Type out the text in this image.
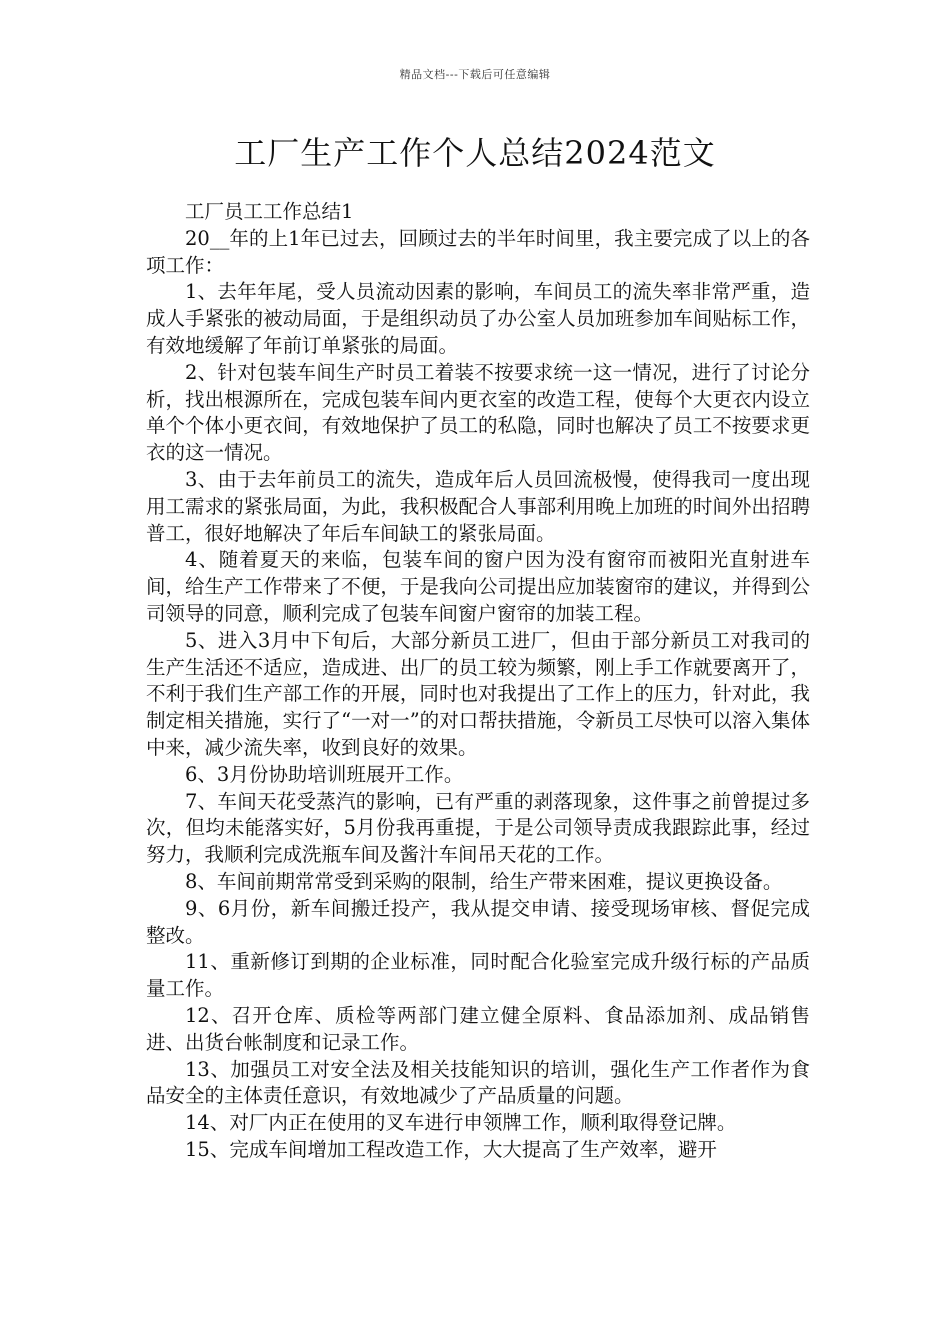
精品文档---下载后可任意编辑
工厂生产工作个人总结2024范文

工厂员工工作总结1

20__年的上1年已过去，回顾过去的半年时间里，我主要完成了以上的各项工作：

1、去年年尾，受人员流动因素的影响，车间员工的流失率非常严重，造成人手紧张的被动局面，于是组织动员了办公室人员加班参加车间贴标工作，有效地缓解了年前订单紧张的局面。

2、针对包装车间生产时员工着装不按要求统一这一情况，进行了讨论分析，找出根源所在，完成包装车间内更衣室的改造工程，使每个大更衣内设立单个个体小更衣间，有效地保护了员工的私隐，同时也解决了员工不按要求更衣的这一情况。

3、由于去年前员工的流失，造成年后人员回流极慢，使得我司一度出现用工需求的紧张局面，为此，我积极配合人事部利用晚上加班的时间外出招聘普工，很好地解决了年后车间缺工的紧张局面。

4、随着夏天的来临，包装车间的窗户因为没有窗帘而被阳光直射进车间，给生产工作带来了不便，于是我向公司提出应加装窗帘的建议，并得到公司领导的同意，顺利完成了包装车间窗户窗帘的加装工程。

5、进入3月中下旬后，大部分新员工进厂，但由于部分新员工对我司的生产生活还不适应，造成进、出厂的员工较为频繁，刚上手工作就要离开了，不利于我们生产部工作的开展，同时也对我提出了工作上的压力，针对此，我制定相关措施，实行了“一对一”的对口帮扶措施，令新员工尽快可以溶入集体中来，减少流失率，收到良好的效果。

6、3月份协助培训班展开工作。

7、车间天花受蒸汽的影响，已有严重的剥落现象，这件事之前曾提过多次，但均未能落实好，5月份我再重提，于是公司领导责成我跟踪此事，经过努力，我顺利完成洗瓶车间及酱汁车间吊天花的工作。

8、车间前期常常受到采购的限制，给生产带来困难，提议更换设备。

9、6月份，新车间搬迁投产，我从提交申请、接受现场审核、督促完成整改。

11、重新修订到期的企业标准，同时配合化验室完成升级行标的产品质量工作。

12、召开仓库、质检等两部门建立健全原料、食品添加剂、成品销售进、出货台帐制度和记录工作。

13、加强员工对安全法及相关技能知识的培训，强化生产工作者作为食品安全的主体责任意识，有效地减少了产品质量的问题。

14、对厂内正在使用的叉车进行申领牌工作，顺利取得登记牌。

15、完成车间增加工程改造工作，大大提高了生产效率，避开
